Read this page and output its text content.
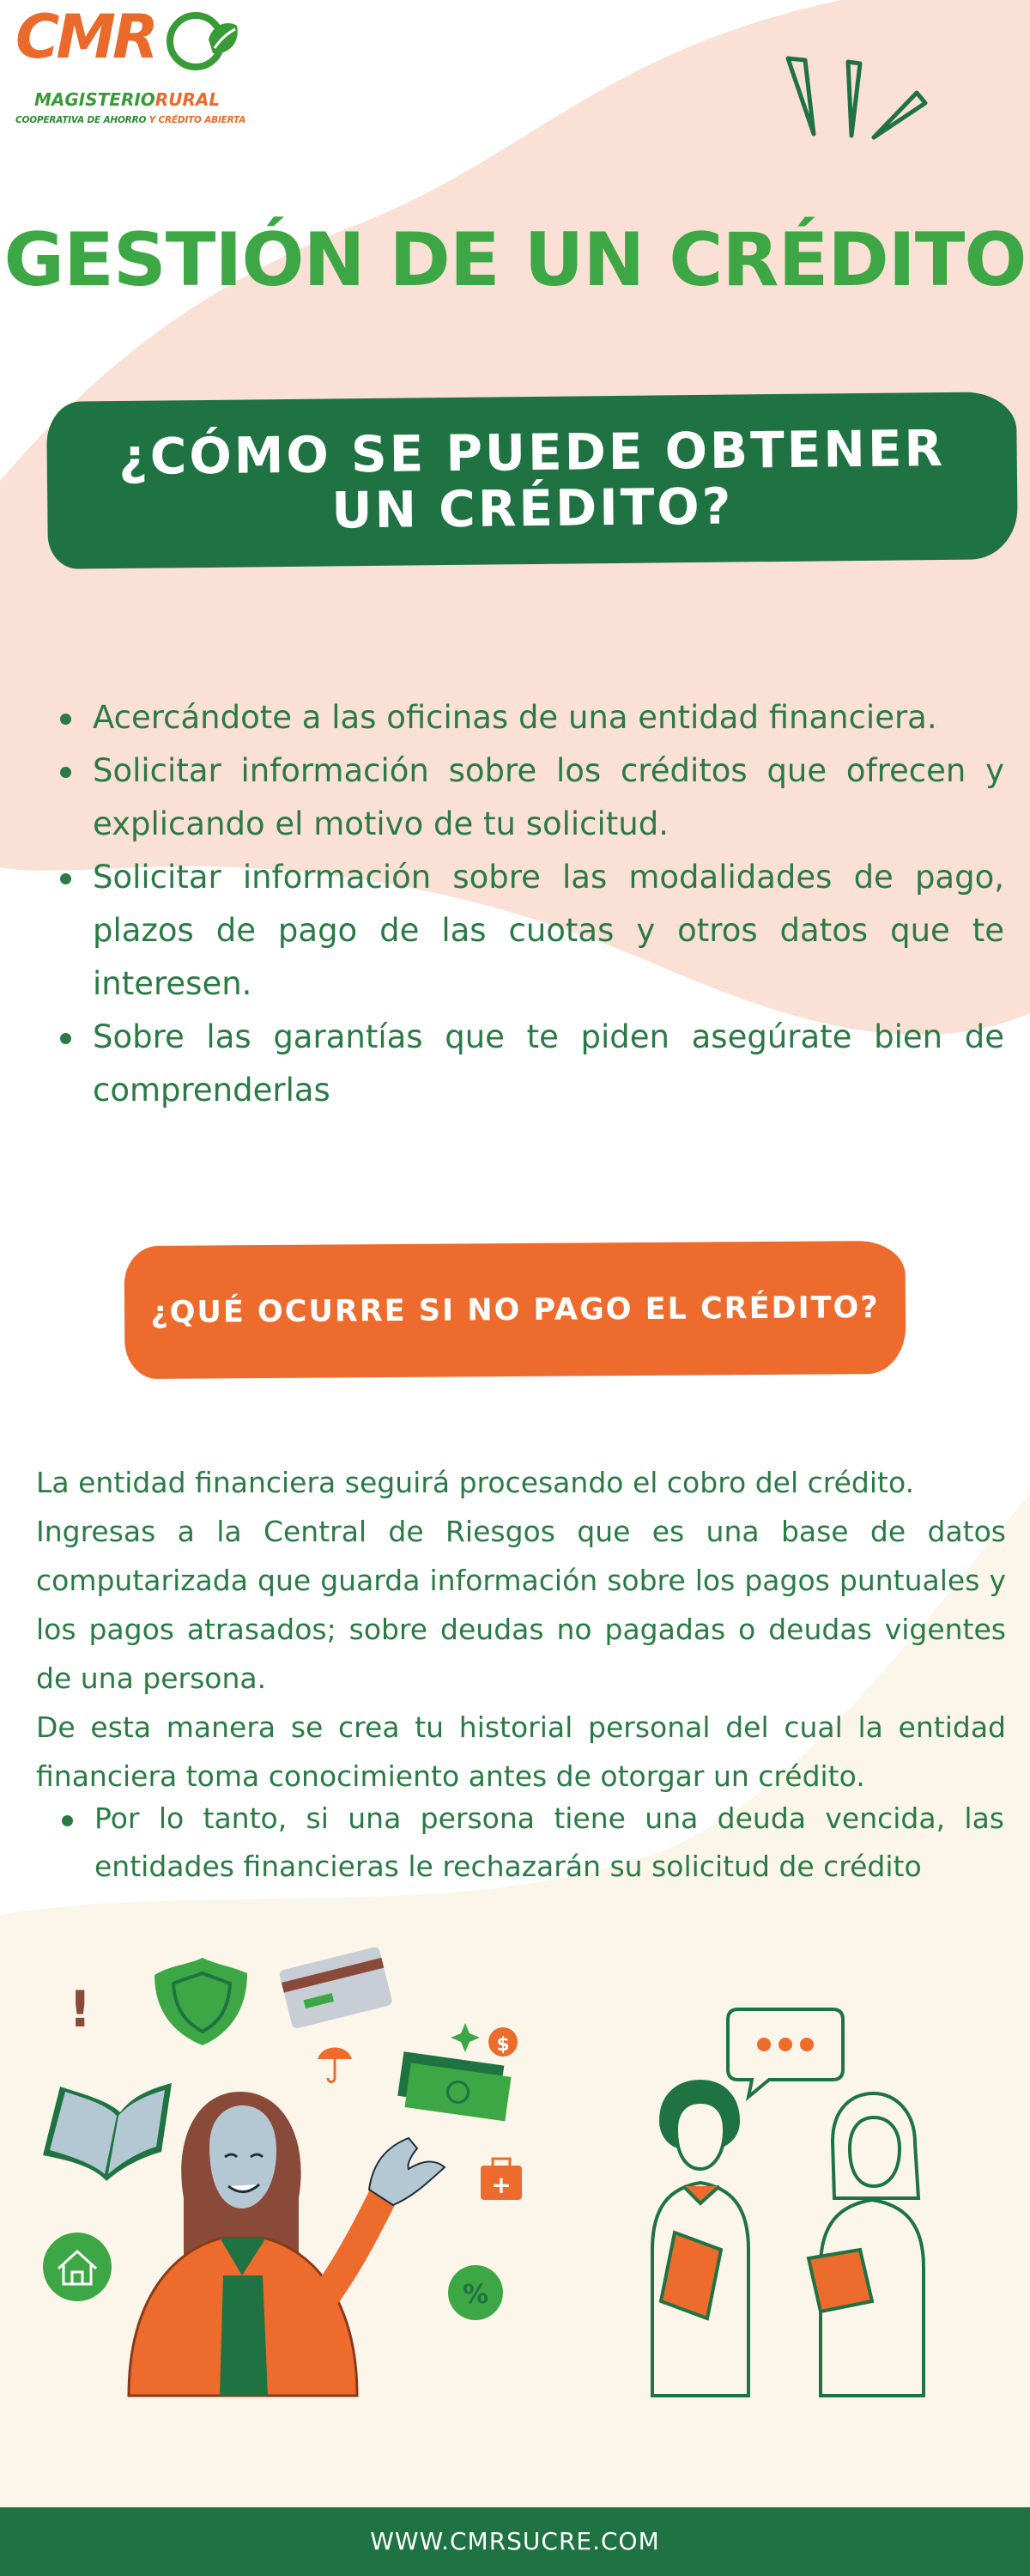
CMR
MAGISTERIORURAL
COOPERATIVA DE AHORRO Y CRÉDITO ABIERTA
GESTIÓN DE UN CRÉDITO
¿CÓMO SE PUEDE OBTENER UN CRÉDITO?
Acercándote a las oficinas de una entidad financiera.
Solicitar información sobre los créditos que ofrecen y explicando el motivo de tu solicitud.
Solicitar información sobre las modalidades de pago, plazos de pago de las cuotas y otros datos que te interesen.
Sobre las garantías que te piden asegúrate bien de comprenderlas
¿QUÉ OCURRE SI NO PAGO EL CRÉDITO?

La entidad financiera seguirá procesando el cobro del crédito.

Ingresas a la Central de Riesgos que es una base de datos computarizada que guarda información sobre los pagos puntuales y los pagos atrasados; sobre deudas no pagadas o deudas vigentes de una persona.

De esta manera se crea tu historial personal del cual la entidad financiera toma conocimiento antes de otorgar un crédito.

Por lo tanto, si una persona tiene una deuda vencida, las entidades financieras le rechazarán su solicitud de crédito
!
$
+
%
WWW.CMRSUCRE.COM
